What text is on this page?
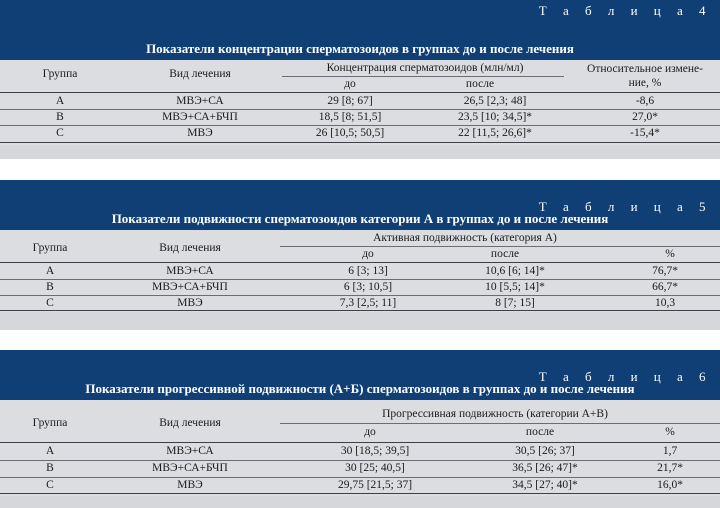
Т а б л и ц а 4
Показатели концентрации сперматозоидов в группах до и после лечения
Группа	Вид лечения	Концентрация сперматозоидов (млн/мл)
до	после
Относительное измене-
ние, %
A	МВЭ+СА	29 [8; 67]	26,5 [2,3; 48]	-8,6
B	МВЭ+СА+БЧП	18,5 [8; 51,5]	23,5 [10; 34,5]*	27,0*
C	МВЭ	26 [10,5; 50,5]	22 [11,5; 26,6]*	-15,4*
Т а б л и ц а 5
Показатели подвижности сперматозоидов категории А в группах до и после лечения
Группа	Вид лечения
Активная подвижность (категория А)
до	после	%
A	МВЭ+СА	6 [3; 13]	10,6 [6; 14]*	76,7*
B	МВЭ+СА+БЧП	6 [3; 10,5]	10 [5,5; 14]*	66,7*
C	МВЭ	7,3 [2,5; 11]	8 [7; 15]	10,3
Т а б л и ц а 6
Показатели прогрессивной подвижности (А+Б) сперматозоидов в группах до и после лечения
Группа	Вид лечения
Прогрессивная подвижность (категории А+В)
до	после	%
A	МВЭ+СА	30 [18,5; 39,5]	30,5 [26; 37]	1,7
B	МВЭ+СА+БЧП	30 [25; 40,5]	36,5 [26; 47]*	21,7*
C	МВЭ	29,75 [21,5; 37]	34,5 [27; 40]*	16,0*
